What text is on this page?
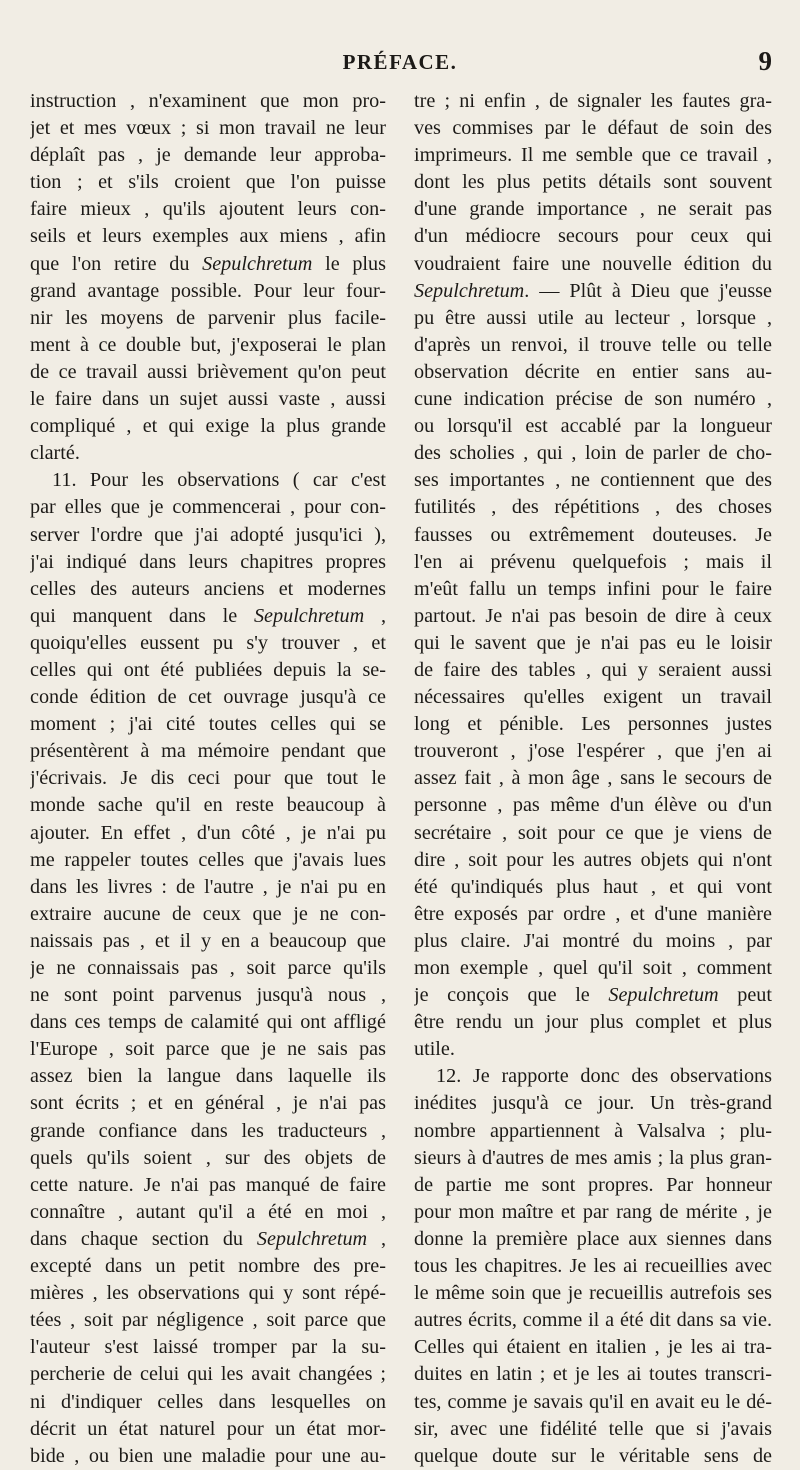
PRÉFACE.	9
instruction , n'examinent que mon pro-
jet et mes vœux ; si mon travail ne leur
déplaît pas , je demande leur approba-
tion ; et s'ils croient que l'on puisse
faire mieux , qu'ils ajoutent leurs con-
seils et leurs exemples aux miens , afin
que l'on retire du Sepulchretum le plus
grand avantage possible. Pour leur four-
nir les moyens de parvenir plus facile-
ment à ce double but, j'exposerai le plan
de ce travail aussi brièvement qu'on peut
le faire dans un sujet aussi vaste , aussi
compliqué , et qui exige la plus grande
clarté.
11. Pour les observations ( car c'est
par elles que je commencerai , pour con-
server l'ordre que j'ai adopté jusqu'ici ),
j'ai indiqué dans leurs chapitres propres
celles des auteurs anciens et modernes
qui manquent dans le Sepulchretum ,
quoiqu'elles eussent pu s'y trouver , et
celles qui ont été publiées depuis la se-
conde édition de cet ouvrage jusqu'à ce
moment ; j'ai cité toutes celles qui se
présentèrent à ma mémoire pendant que
j'écrivais. Je dis ceci pour que tout le
monde sache qu'il en reste beaucoup à
ajouter. En effet , d'un côté , je n'ai pu
me rappeler toutes celles que j'avais lues
dans les livres : de l'autre , je n'ai pu en
extraire aucune de ceux que je ne con-
naissais pas , et il y en a beaucoup que
je ne connaissais pas , soit parce qu'ils
ne sont point parvenus jusqu'à nous ,
dans ces temps de calamité qui ont affligé
l'Europe , soit parce que je ne sais pas
assez bien la langue dans laquelle ils
sont écrits ; et en général , je n'ai pas
grande confiance dans les traducteurs ,
quels qu'ils soient , sur des objets de
cette nature. Je n'ai pas manqué de faire
connaître , autant qu'il a été en moi ,
dans chaque section du Sepulchretum ,
excepté dans un petit nombre des pre-
mières , les observations qui y sont répé-
tées , soit par négligence , soit parce que
l'auteur s'est laissé tromper par la su-
percherie de celui qui les avait changées ;
ni d'indiquer celles dans lesquelles on
décrit un état naturel pour un état mor-
bide , ou bien une maladie pour une au-
tre ; ni enfin , de signaler les fautes gra-
ves commises par le défaut de soin des
imprimeurs. Il me semble que ce travail ,
dont les plus petits détails sont souvent
d'une grande importance , ne serait pas
d'un médiocre secours pour ceux qui
voudraient faire une nouvelle édition du
Sepulchretum. — Plût à Dieu que j'eusse
pu être aussi utile au lecteur , lorsque ,
d'après un renvoi, il trouve telle ou telle
observation décrite en entier sans au-
cune indication précise de son numéro ,
ou lorsqu'il est accablé par la longueur
des scholies , qui , loin de parler de cho-
ses importantes , ne contiennent que des
futilités , des répétitions , des choses
fausses ou extrêmement douteuses. Je
l'en ai prévenu quelquefois ; mais il
m'eût fallu un temps infini pour le faire
partout. Je n'ai pas besoin de dire à ceux
qui le savent que je n'ai pas eu le loisir
de faire des tables , qui y seraient aussi
nécessaires qu'elles exigent un travail
long et pénible. Les personnes justes
trouveront , j'ose l'espérer , que j'en ai
assez fait , à mon âge , sans le secours de
personne , pas même d'un élève ou d'un
secrétaire , soit pour ce que je viens de
dire , soit pour les autres objets qui n'ont
été qu'indiqués plus haut , et qui vont
être exposés par ordre , et d'une manière
plus claire. J'ai montré du moins , par
mon exemple , quel qu'il soit , comment
je conçois que le Sepulchretum peut
être rendu un jour plus complet et plus
utile.
12. Je rapporte donc des observations
inédites jusqu'à ce jour. Un très-grand
nombre appartiennent à Valsalva ; plu-
sieurs à d'autres de mes amis ; la plus gran-
de partie me sont propres. Par honneur
pour mon maître et par rang de mérite , je
donne la première place aux siennes dans
tous les chapitres. Je les ai recueillies avec
le même soin que je recueillis autrefois ses
autres écrits, comme il a été dit dans sa vie.
Celles qui étaient en italien , je les ai tra-
duites en latin ; et je les ai toutes transcri-
tes, comme je savais qu'il en avait eu le dé-
sir, avec une fidélité telle que si j'avais
quelque doute sur le véritable sens de
